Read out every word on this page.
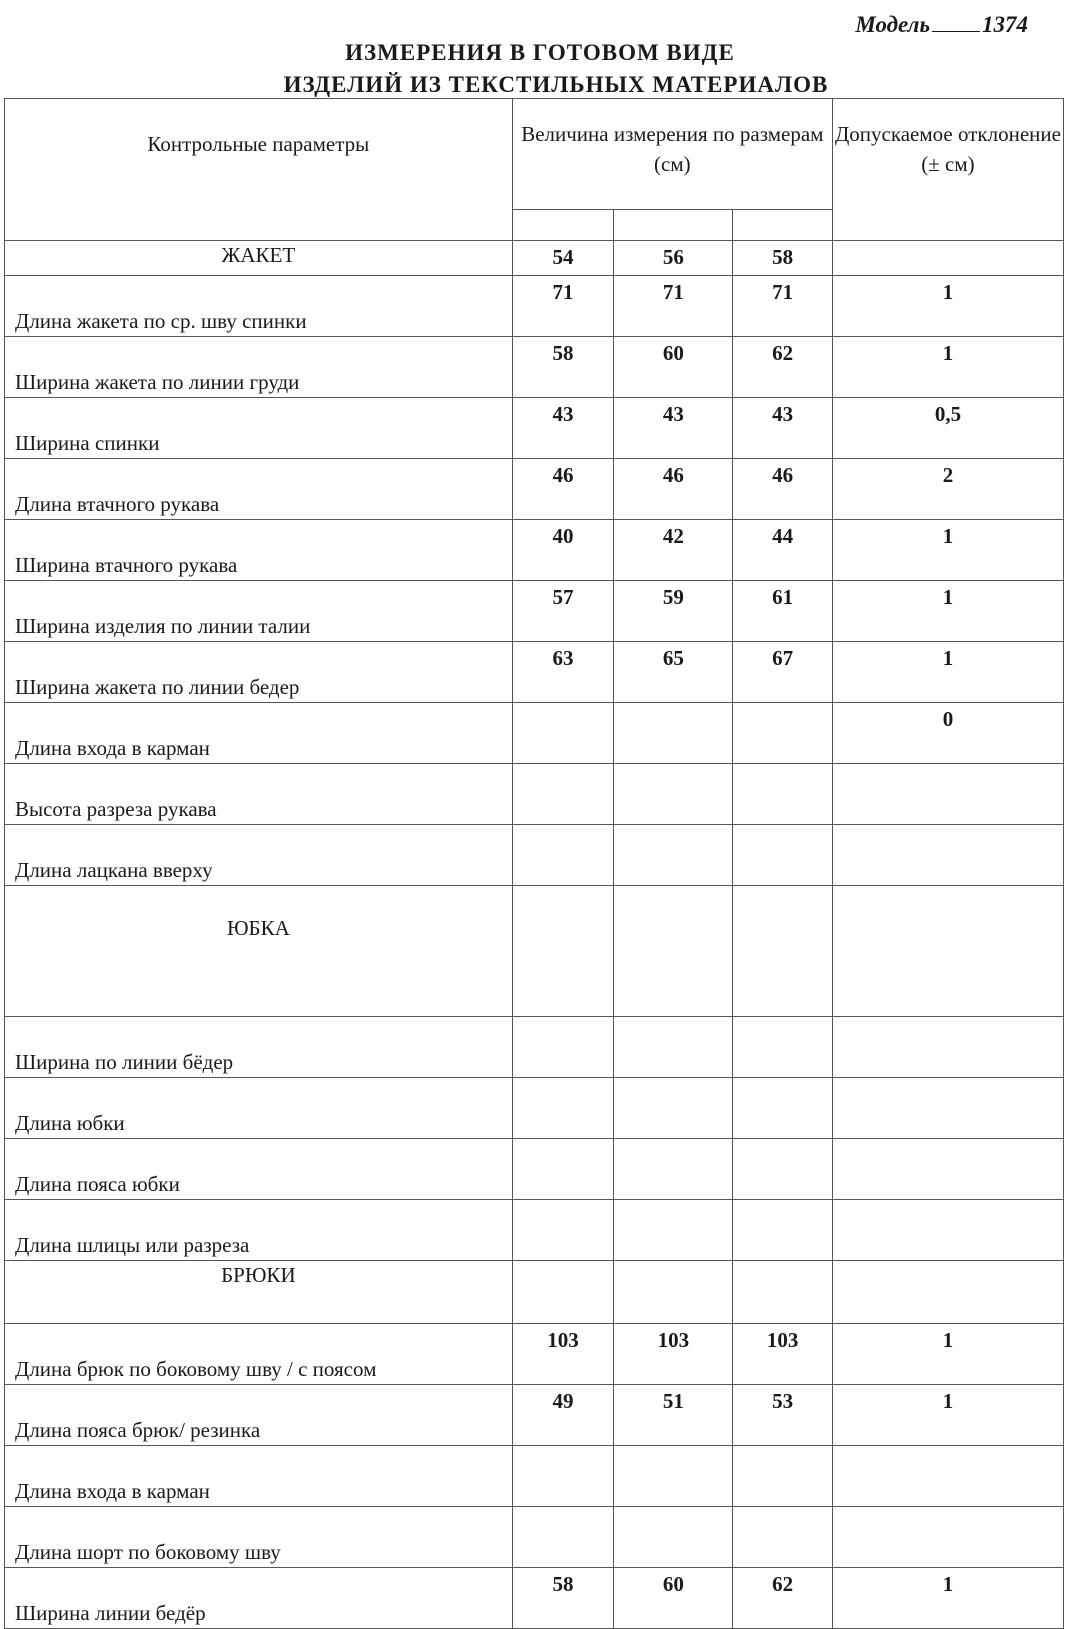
Модель 1374
ИЗМЕРЕНИЯ В ГОТОВОМ ВИДЕ
ИЗДЕЛИЙ ИЗ ТЕКСТИЛЬНЫХ МАТЕРИАЛОВ
Контрольные параметры	Величина измерения по размерам (см)			Допускаемое отклонение (± см)

ЖАКЕТ	54	56	58	

Длина жакета по ср. шву спинки	71	71	71	1

Ширина жакета по линии груди	58	60	62	1

Ширина спинки	43	43	43	0,5

Длина втачного рукава	46	46	46	2

Ширина втачного рукава	40	42	44	1

Ширина изделия по линии талии	57	59	61	1

Ширина жакета по линии бедер	63	65	67	1

Длина входа в карман				0

Высота разреза рукава				

Длина лацкана вверху				

ЮБКА				

Ширина по линии бёдер				

Длина юбки				

Длина пояса юбки				

Длина шлицы или разреза				

БРЮКИ				

Длина брюк по боковому шву / с поясом	103	103	103	1

Длина пояса брюк/ резинка	49	51	53	1

Длина входа в карман				

Длина шорт по боковому шву				

Ширина линии бедёр	58	60	62	1
